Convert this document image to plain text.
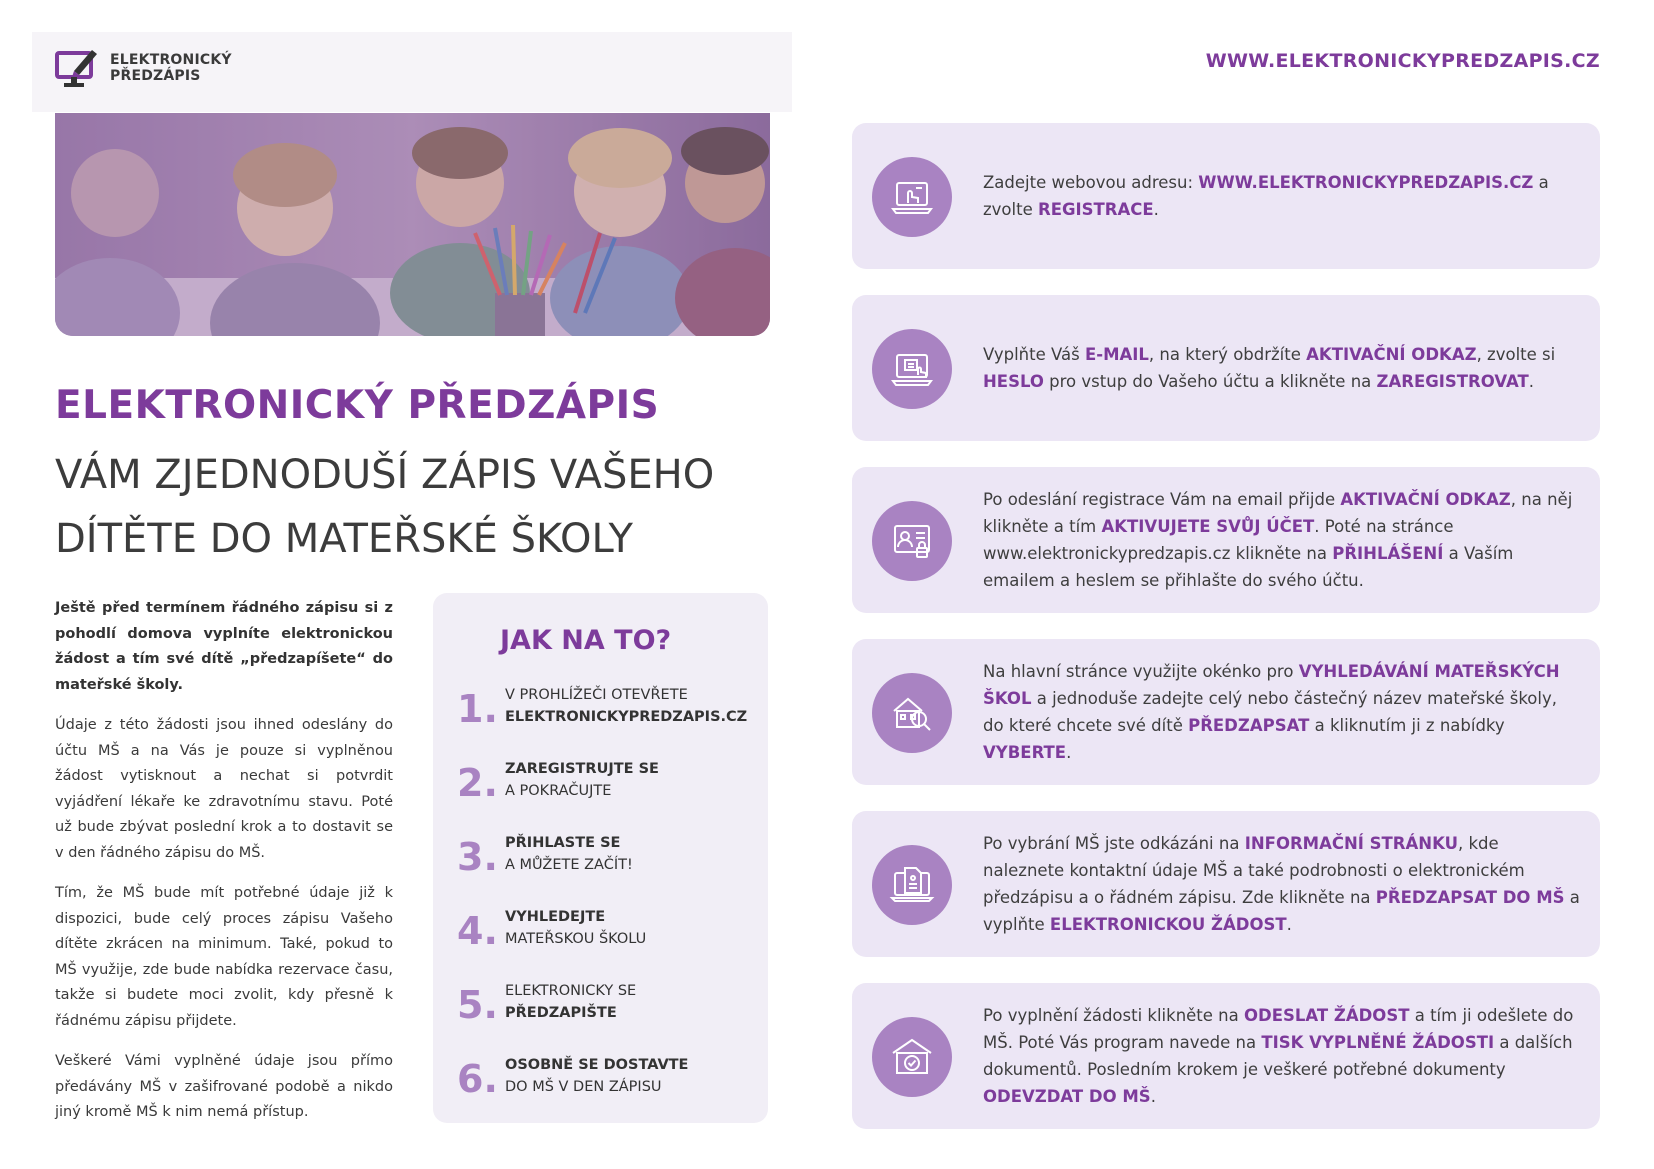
ELEKTRONICKÝ
PŘEDZÁPIS
WWW.ELEKTRONICKYPREDZAPIS.CZ
ELEKTRONICKÝ PŘEDZÁPIS
VÁM ZJEDNODUŠÍ ZÁPIS VAŠEHO
DÍTĚTE DO MATEŘSKÉ ŠKOLY

Ještě před termínem řádného zápisu si z pohodlí domova vyplníte elektronickou žádost a tím své dítě „předzapíšete“ do mateřské školy.

Údaje z této žádosti jsou ihned odeslány do účtu MŠ a na Vás je pouze si vyplněnou žádost vytisknout a nechat si potvrdit vyjádření lékaře ke zdravotnímu stavu. Poté už bude zbývat poslední krok a to dostavit se v den řádného zápisu do MŠ.

Tím, že MŠ bude mít potřebné údaje již k dispozici, bude celý proces zápisu Vašeho dítěte zkrácen na minimum. Také, pokud to MŠ využije, zde bude nabídka rezervace času, takže si budete moci zvolit, kdy přesně k řádnému zápisu přijdete.

Veškeré Vámi vyplněné údaje jsou přímo předávány MŠ v zašifrované podobě a nikdo jiný kromě MŠ k nim nemá přístup.

JAK NA TO?
1. V PROHLÍŽEČI OTEVŘETE
ELEKTRONICKYPREDZAPIS.CZ
2. ZAREGISTRUJTE SE
A POKRAČUJTE
3. PŘIHLASTE SE
A MŮŽETE ZAČÍT!
4. VYHLEDEJTE
MATEŘSKOU ŠKOLU
5. ELEKTRONICKY SE
PŘEDZAPIŠTE
6. OSOBNĚ SE DOSTAVTE
DO MŠ V DEN ZÁPISU
Zadejte webovou adresu: WWW.ELEKTRONICKYPREDZAPIS.CZ a zvolte REGISTRACE.
Vyplňte Váš E-MAIL, na který obdržíte AKTIVAČNÍ ODKAZ, zvolte si HESLO pro vstup do Vašeho účtu a klikněte na ZAREGISTROVAT.
Po odeslání registrace Vám na email přijde AKTIVAČNÍ ODKAZ, na něj klikněte a tím AKTIVUJETE SVŮJ ÚČET. Poté na stránce www.elektronickypredzapis.cz klikněte na PŘIHLÁŠENÍ a Vaším emailem a heslem se přihlašte do svého účtu.
Na hlavní stránce využijte okénko pro VYHLEDÁVÁNÍ MATEŘSKÝCH ŠKOL a jednoduše zadejte celý nebo částečný název mateřské školy, do které chcete své dítě PŘEDZAPSAT a kliknutím ji z nabídky VYBERTE.
Po vybrání MŠ jste odkázáni na INFORMAČNÍ STRÁNKU, kde naleznete kontaktní údaje MŠ a také podrobnosti o elektronickém předzápisu a o řádném zápisu. Zde klikněte na PŘEDZAPSAT DO MŠ a vyplňte ELEKTRONICKOU ŽÁDOST.
Po vyplnění žádosti klikněte na ODESLAT ŽÁDOST a tím ji odešlete do MŠ. Poté Vás program navede na TISK VYPLNĚNÉ ŽÁDOSTI a dalších dokumentů. Posledním krokem je veškeré potřebné dokumenty ODEVZDAT DO MŠ.
